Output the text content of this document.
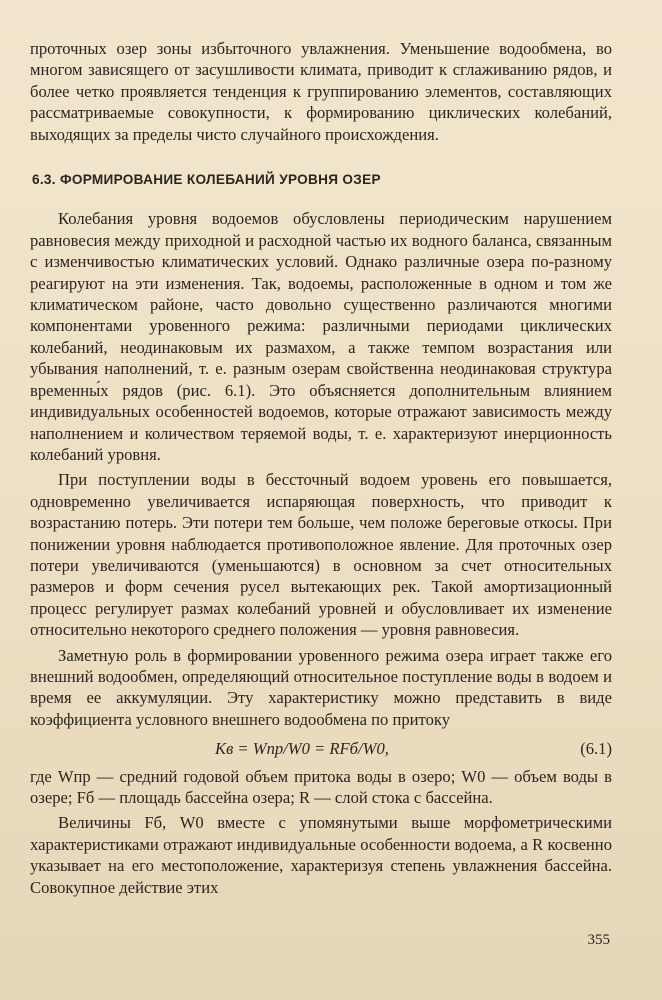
проточных озер зоны избыточного увлажнения. Уменьшение водообмена, во многом зависящего от засушливости климата, приводит к сглаживанию рядов, и более четко проявляется тенденция к группированию элементов, составляющих рассматриваемые совокупности, к формированию циклических колебаний, выходящих за пределы чисто случайного происхождения.

6.3. ФОРМИРОВАНИЕ КОЛЕБАНИЙ УРОВНЯ ОЗЕР

Колебания уровня водоемов обусловлены периодическим нарушением равновесия между приходной и расходной частью их водного баланса, связанным с изменчивостью климатических условий. Однако различные озера по-разному реагируют на эти изменения. Так, водоемы, расположенные в одном и том же климатическом районе, часто довольно существенно различаются многими компонентами уровенного режима: различными периодами циклических колебаний, неодинаковым их размахом, а также темпом возрастания или убывания наполнений, т. е. разным озерам свойственна неодинаковая структура временны́х рядов (рис. 6.1). Это объясняется дополнительным влиянием индивидуальных особенностей водоемов, которые отражают зависимость между наполнением и количеством теряемой воды, т. е. характеризуют инерционность колебаний уровня.

При поступлении воды в бессточный водоем уровень его повышается, одновременно увеличивается испаряющая поверхность, что приводит к возрастанию потерь. Эти потери тем больше, чем положе береговые откосы. При понижении уровня наблюдается противоположное явление. Для проточных озер потери увеличиваются (уменьшаются) в основном за счет относительных размеров и форм сечения русел вытекающих рек. Такой амортизационный процесс регулирует размах колебаний уровней и обусловливает их изменение относительно некоторого среднего положения — уровня равновесия.

Заметную роль в формировании уровенного режима озера играет также его внешний водообмен, определяющий относительное поступление воды в водоем и время ее аккумуляции. Эту характеристику можно представить в виде коэффициента условного внешнего водообмена по притоку

Kв = Wпр/W0 = RFб/W0,	(6.1)

где Wпр — средний годовой объем притока воды в озеро; W0 — объем воды в озере; Fб — площадь бассейна озера; R — слой стока с бассейна.

Величины Fб, W0 вместе с упомянутыми выше морфометрическими характеристиками отражают индивидуальные особенности водоема, а R косвенно указывает на его местоположение, характеризуя степень увлажнения бассейна. Совокупное действие этих

355
